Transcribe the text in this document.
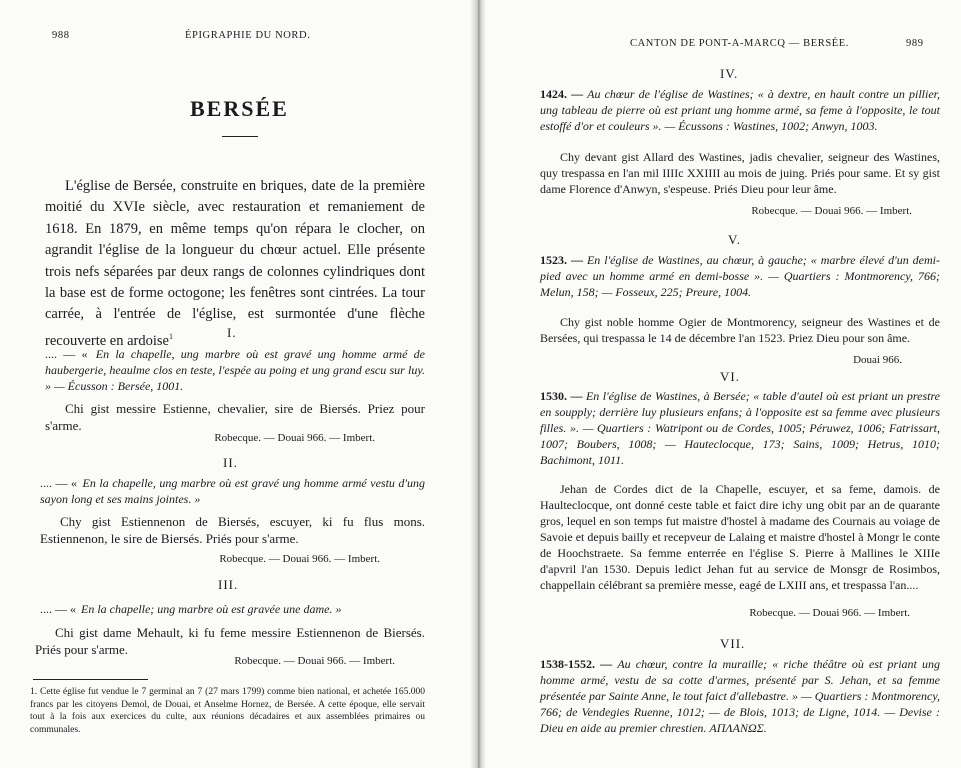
988	ÉPIGRAPHIE DU NORD.
BERSÉE
L'église de Bersée, construite en briques, date de la première moitié du XVIe siècle, avec restauration et remaniement de 1618. En 1879, en même temps qu'on répara le clocher, on agrandit l'église de la longueur du chœur actuel. Elle présente trois nefs séparées par deux rangs de colonnes cylindriques dont la base est de forme octogone; les fenêtres sont cintrées. La tour carrée, à l'entrée de l'église, est surmontée d'une flèche recouverte en ardoise$^1$	I.
.... — « En la chapelle, ung marbre où est gravé ung homme armé de haubergerie, heaulme clos en teste, l'espée au poing et ung grand escu sur luy. » — Écusson : Bersée, 1001.
Chi gist messire Estienne, chevalier, sire de Biersés. Priez pour s'arme.
Robecque. — Douai 966. — Imbert.
II.
.... — « En la chapelle, ung marbre où est gravé ung homme armé vestu d'ung sayon long et ses mains jointes. »
Chy gist Estiennenon de Biersés, escuyer, ki fu flus mons. Estiennenon, le sire de Biersés. Priés pour s'arme.
Robecque. — Douai 966. — Imbert.
III.
.... — « En la chapelle; ung marbre où est gravée une dame. »
Chi gist dame Mehault, ki fu feme messire Estiennenon de Biersés. Priés pour s'arme.
Robecque. — Douai 966. — Imbert.
1. Cette église fut vendue le 7 germinal an 7 (27 mars 1799) comme bien national, et achetée 165.000 francs par les citoyens Demol, de Douai, et Anselme Hornez, de Bersée. A cette époque, elle servait tout à la fois aux exercices du culte, aux réunions décadaires et aux assemblées primaires ou communales.
CANTON DE PONT-A-MARCQ — BERSÉE.	989
IV.
1424. — Au chœur de l'église de Wastines; « à dextre, en hault contre un pillier, ung tableau de pierre où est priant ung homme armé, sa feme à l'opposite, le tout estoffé d'or et couleurs ». — Écussons : Wastines, 1002; Anwyn, 1003.
Chy devant gist Allard des Wastines, jadis chevalier, seigneur des Wastines, quy trespassa en l'an mil IIIIc XXIIII au mois de juing. Priés pour same. Et sy gist dame Florence d'Anwyn, s'espeuse. Priés Dieu pour leur âme.
Robecque. — Douai 966. — Imbert.
V.
1523. — En l'église de Wastines, au chœur, à gauche; « marbre élevé d'un demi-pied avec un homme armé en demi-bosse ». — Quartiers : Montmorency, 766; Melun, 158; — Fosseux, 225; Preure, 1004.
Chy gist noble homme Ogier de Montmorency, seigneur des Wastines et de Bersées, qui trespassa le 14 de décembre l'an 1523. Priez Dieu pour son âme.
Douai 966.
VI.
1530. — En l'église de Wastines, à Bersée; « table d'autel où est priant un prestre en soupply; derrière luy plusieurs enfans; à l'opposite est sa femme avec plusieurs filles. ». — Quartiers : Watripont ou de Cordes, 1005; Péruwez, 1006; Fatrissart, 1007; Boubers, 1008; — Hauteclocque, 173; Sains, 1009; Hetrus, 1010; Bachimont, 1011.
Jehan de Cordes dict de la Chapelle, escuyer, et sa feme, damois. de Haulteclocque, ont donné ceste table et faict dire ichy ung obit par an de quarante gros, lequel en son temps fut maistre d'hostel à madame des Cournais au voiage de Savoie et depuis bailly et recepveur de Lalaing et maistre d'hostel à Mongr le conte de Hoochstraete. Sa femme enterrée en l'église S. Pierre à Mallines le XIIIe d'apvril l'an 1530. Depuis ledict Jehan fut au service de Monsgr de Rosimbos, chappellain célébrant sa première messe, eagé de LXIII ans, et trespassa l'an....
Robecque. — Douai 966. — Imbert.
VII.
1538-1552. — Au chœur, contre la muraille; « riche théâtre où est priant ung homme armé, vestu de sa cotte d'armes, présenté par S. Jehan, et sa femme présentée par Sainte Anne, le tout faict d'allebastre. » — Quartiers : Montmorency, 766; de Vendegies Ruenne, 1012; — de Blois, 1013; de Ligne, 1014. — Devise : Dieu en aide au premier chrestien. ΑΠΛΑΝΩΣ.
